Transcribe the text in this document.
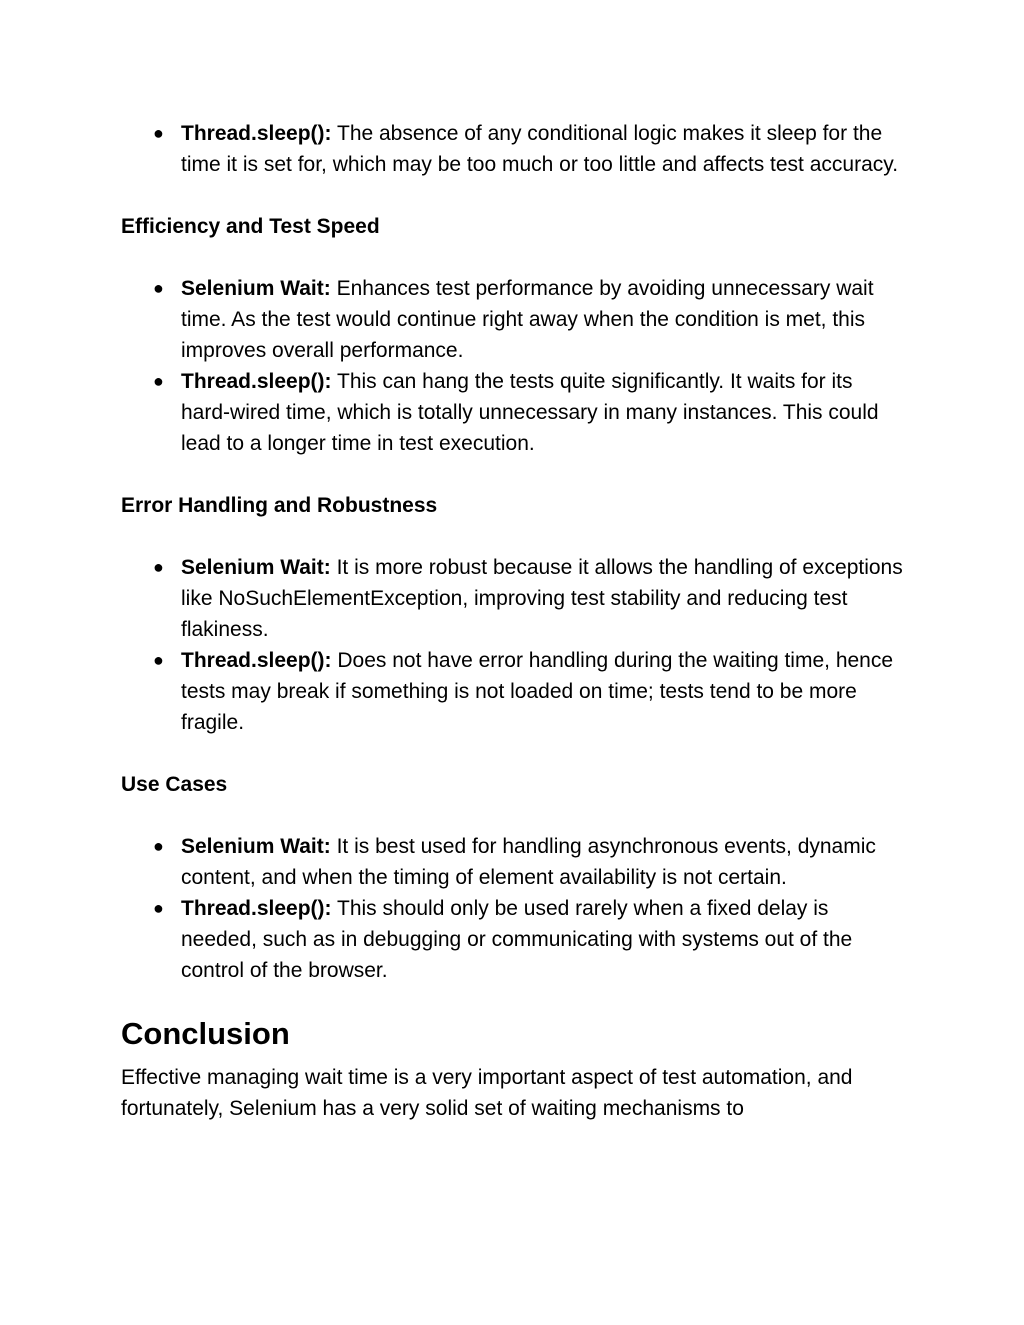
● Thread.sleep(): The absence of any conditional logic makes it sleep for the time it is set for, which may be too much or too little and affects test accuracy.
Efficiency and Test Speed
● Selenium Wait: Enhances test performance by avoiding unnecessary wait time. As the test would continue right away when the condition is met, this improves overall performance.
● Thread.sleep(): This can hang the tests quite significantly. It waits for its hard-wired time, which is totally unnecessary in many instances. This could lead to a longer time in test execution.
Error Handling and Robustness
● Selenium Wait: It is more robust because it allows the handling of exceptions like NoSuchElementException, improving test stability and reducing test flakiness.
● Thread.sleep(): Does not have error handling during the waiting time, hence tests may break if something is not loaded on time; tests tend to be more fragile.
Use Cases
● Selenium Wait: It is best used for handling asynchronous events, dynamic content, and when the timing of element availability is not certain.
● Thread.sleep(): This should only be used rarely when a fixed delay is needed, such as in debugging or communicating with systems out of the control of the browser.
Conclusion

Effective managing wait time is a very important aspect of test automation, and fortunately, Selenium has a very solid set of waiting mechanisms to
